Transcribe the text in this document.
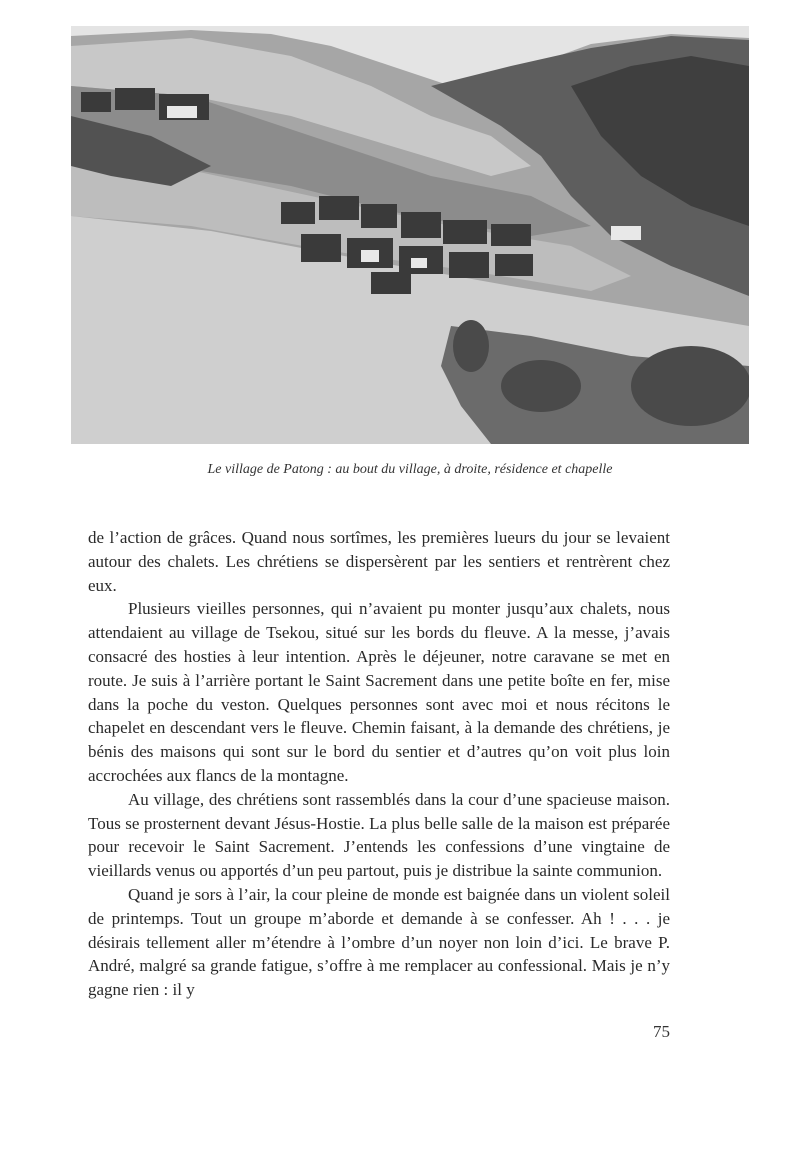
Le village de Patong : au bout du village, à droite, résidence et chapelle

de l’action de grâces. Quand nous sortîmes, les premières lueurs du jour se levaient autour des chalets. Les chrétiens se dispersèrent par les sentiers et rentrèrent chez eux.

Plusieurs vieilles personnes, qui n’avaient pu monter jusqu’aux chalets, nous attendaient au village de Tsekou, situé sur les bords du fleuve. A la messe, j’avais consacré des hosties à leur intention. Après le déjeuner, notre caravane se met en route. Je suis à l’arrière portant le Saint Sacrement dans une petite boîte en fer, mise dans la poche du veston. Quelques personnes sont avec moi et nous récitons le chapelet en descendant vers le fleuve. Chemin faisant, à la demande des chrétiens, je bénis des maisons qui sont sur le bord du sentier et d’autres qu’on voit plus loin accrochées aux flancs de la montagne.

Au village, des chrétiens sont rassemblés dans la cour d’une spacieuse maison. Tous se prosternent devant Jésus-Hostie. La plus belle salle de la maison est préparée pour recevoir le Saint Sacrement. J’entends les confessions d’une vingtaine de vieillards venus ou apportés d’un peu partout, puis je distribue la sainte communion.

Quand je sors à l’air, la cour pleine de monde est baignée dans un violent soleil de printemps. Tout un groupe m’aborde et demande à se confesser. Ah ! . . . je désirais tellement aller m’étendre à l’ombre d’un noyer non loin d’ici. Le brave P. André, malgré sa grande fatigue, s’offre à me remplacer au confessional. Mais je n’y gagne rien : il y

75
